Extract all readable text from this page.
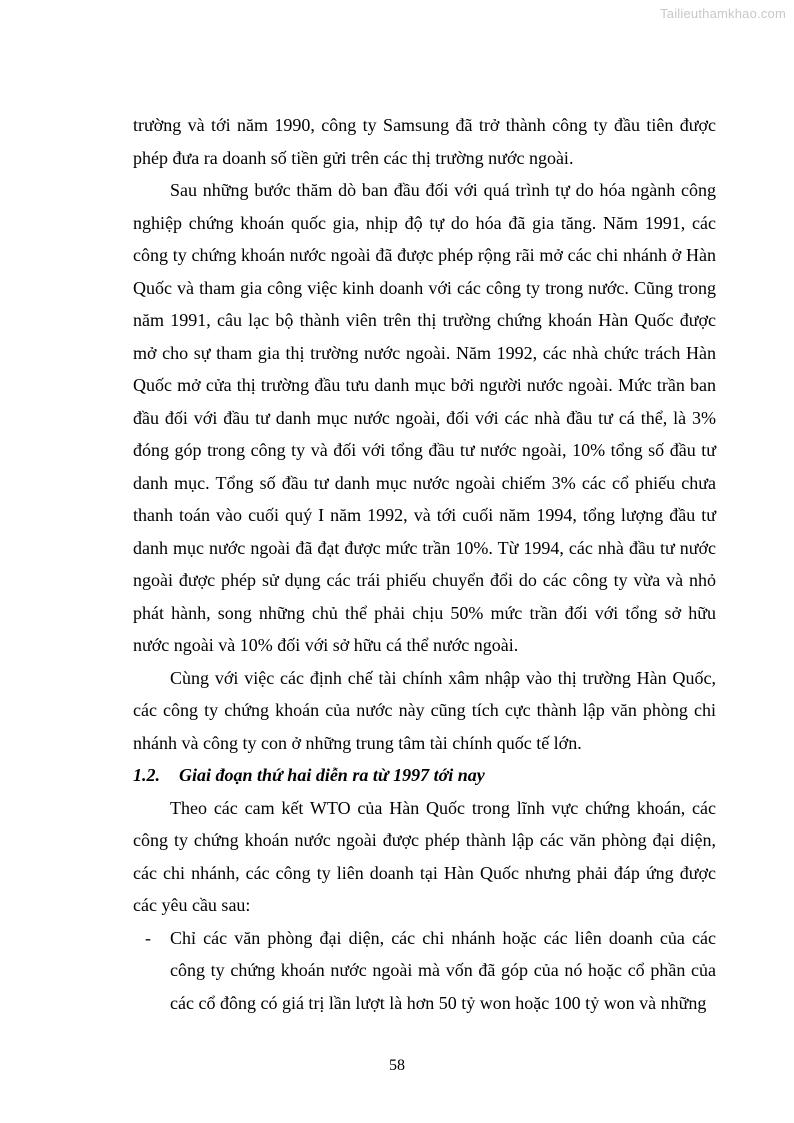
Tailieuthamkhao.com

trường và tới năm 1990, công ty Samsung đã trở thành công ty đầu tiên được phép đưa ra doanh số tiền gửi trên các thị trường nước ngoài.

Sau những bước thăm dò ban đầu đối với quá trình tự do hóa ngành công nghiệp chứng khoán quốc gia, nhịp độ tự do hóa đã gia tăng. Năm 1991, các công ty chứng khoán nước ngoài đã được phép rộng rãi mở các chi nhánh ở Hàn Quốc và tham gia công việc kinh doanh với các công ty trong nước. Cũng trong năm 1991, câu lạc bộ thành viên trên thị trường chứng khoán Hàn Quốc được mở cho sự tham gia thị trường nước ngoài. Năm 1992, các nhà chức trách Hàn Quốc mở cửa thị trường đầu tưu danh mục bởi người nước ngoài. Mức trần ban đầu đối với đầu tư danh mục nước ngoài, đối với các nhà đầu tư cá thể, là 3% đóng góp trong công ty và đối với tổng đầu tư nước ngoài, 10% tổng số đầu tư danh mục. Tổng số đầu tư danh mục nước ngoài chiếm 3% các cổ phiếu chưa thanh toán vào cuối quý I năm 1992, và tới cuối năm 1994, tổng lượng đầu tư danh mục nước ngoài đã đạt được mức trần 10%. Từ 1994, các nhà đầu tư nước ngoài được phép sử dụng các trái phiếu chuyển đổi do các công ty vừa và nhỏ phát hành, song những chủ thể phải chịu 50% mức trần đối với tổng sở hữu nước ngoài và 10% đối với sở hữu cá thể nước ngoài.

Cùng với việc các định chế tài chính xâm nhập vào thị trường Hàn Quốc, các công ty chứng khoán của nước này cũng tích cực thành lập văn phòng chi nhánh và công ty con ở những trung tâm tài chính quốc tế lớn.

1.2. Giai đoạn thứ hai diễn ra từ 1997 tới nay

Theo các cam kết WTO của Hàn Quốc trong lĩnh vực chứng khoán, các công ty chứng khoán nước ngoài được phép thành lập các văn phòng đại diện, các chi nhánh, các công ty liên doanh tại Hàn Quốc nhưng phải đáp ứng được các yêu cầu sau:

- Chỉ các văn phòng đại diện, các chi nhánh hoặc các liên doanh của các công ty chứng khoán nước ngoài mà vốn đã góp của nó hoặc cổ phần của các cổ đông có giá trị lần lượt là hơn 50 tỷ won hoặc 100 tỷ won và những

58
